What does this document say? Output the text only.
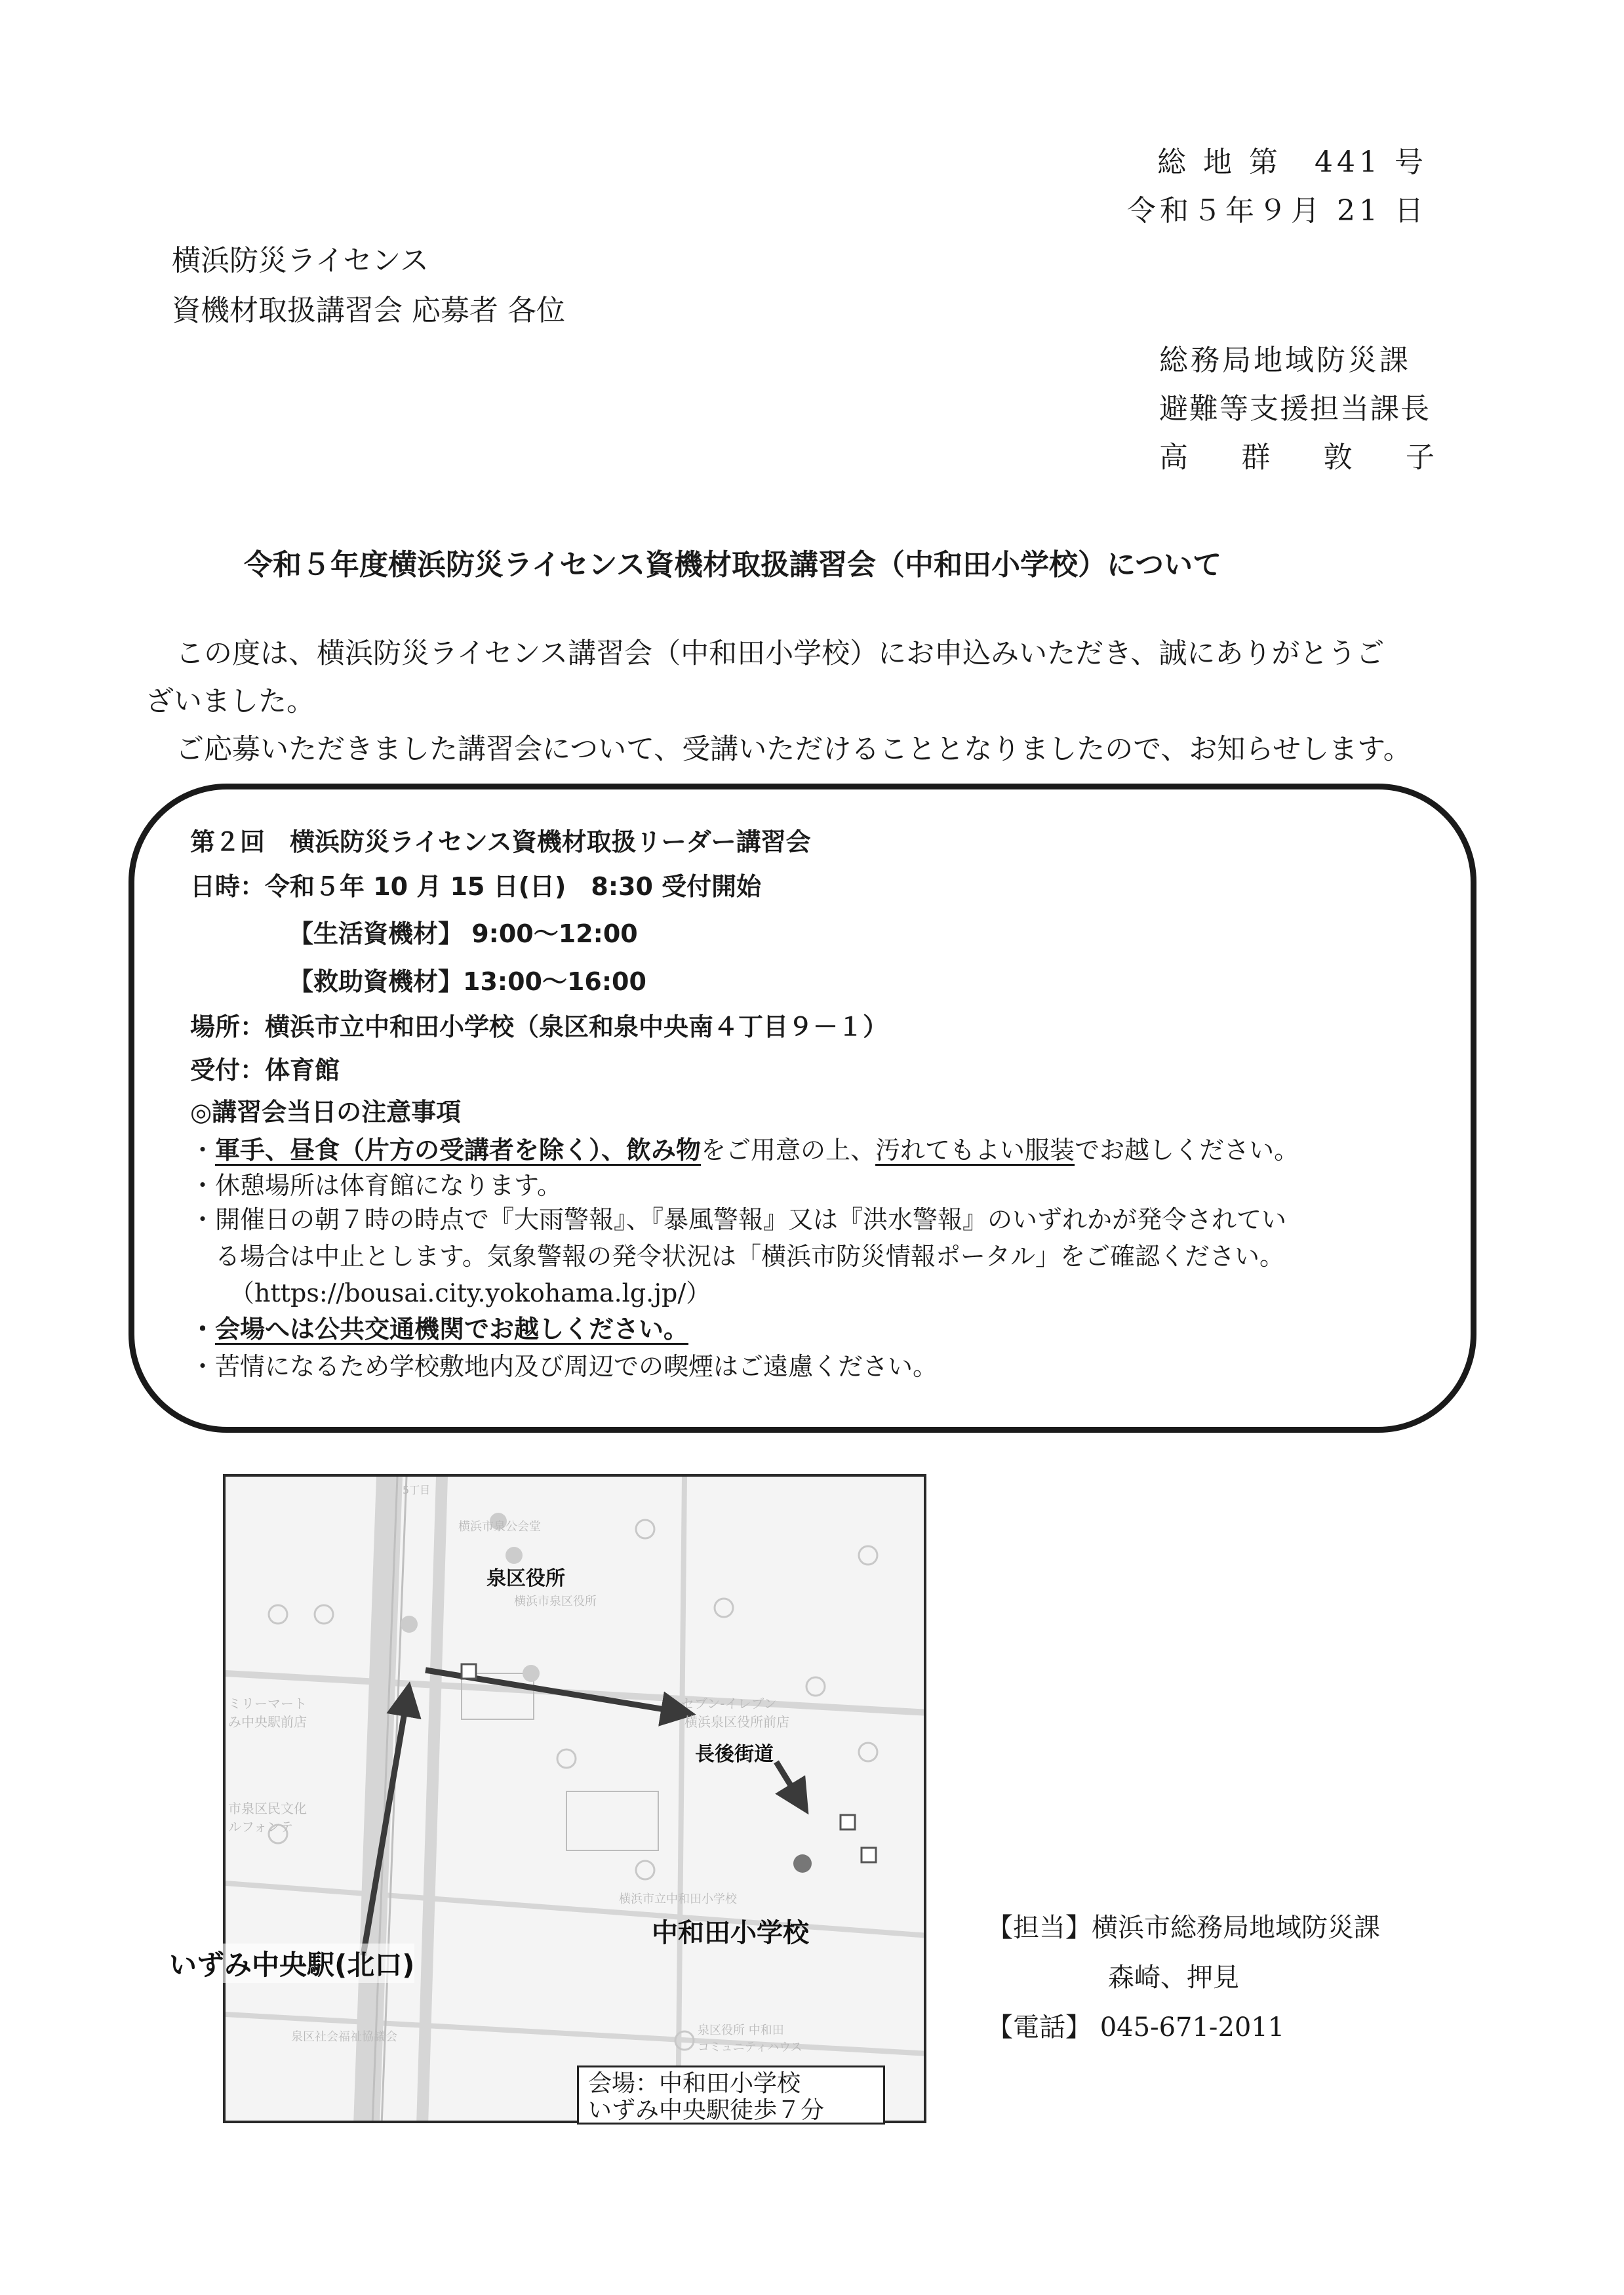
総 地 第　441 号
令和５年９月 21 日
横浜防災ライセンス
資機材取扱講習会 応募者 各位
総務局地域防災課
避難等支援担当課長
高 群 敦 子
令和５年度横浜防災ライセンス資機材取扱講習会（中和田小学校）について
この度は、横浜防災ライセンス講習会（中和田小学校）にお申込みいただき、誠にありがとうご
ざいました。
ご応募いただきました講習会について、受講いただけることとなりましたので、お知らせします。
第２回　横浜防災ライセンス資機材取扱リーダー講習会
日時：令和５年 10 月 15 日(日)　8:30 受付開始
【生活資機材】 9:00～12:00
【救助資機材】13:00～16:00
場所：横浜市立中和田小学校（泉区和泉中央南４丁目９－１）
受付：体育館
◎講習会当日の注意事項
・軍手、昼食（片方の受講者を除く）、飲み物をご用意の上、汚れてもよい服装でお越しください。
・休憩場所は体育館になります。
・開催日の朝７時の時点で『大雨警報』、『暴風警報』又は『洪水警報』のいずれかが発令されてい
る場合は中止とします。気象警報の発令状況は「横浜市防災情報ポータル」をご確認ください。
（https://bousai.city.yokohama.lg.jp/）
・会場へは公共交通機関でお越しください。
・苦情になるため学校敷地内及び周辺での喫煙はご遠慮ください。
横浜市泉公会堂
横浜市泉区役所
セブン-イレブン
横浜泉区役所前店
横浜市立中和田小学校
泉区役所 中和田
コミュニティハウス
ミリーマート
み中央駅前店
市泉区民文化
ルフォンテ
泉区社会福祉協議会
5丁目
泉区役所
長後街道
中和田小学校
いずみ中央駅(北口)
会場：中和田小学校
いずみ中央駅徒歩７分
【担当】横浜市総務局地域防災課
森崎、押見
【電話】 045-671-2011
